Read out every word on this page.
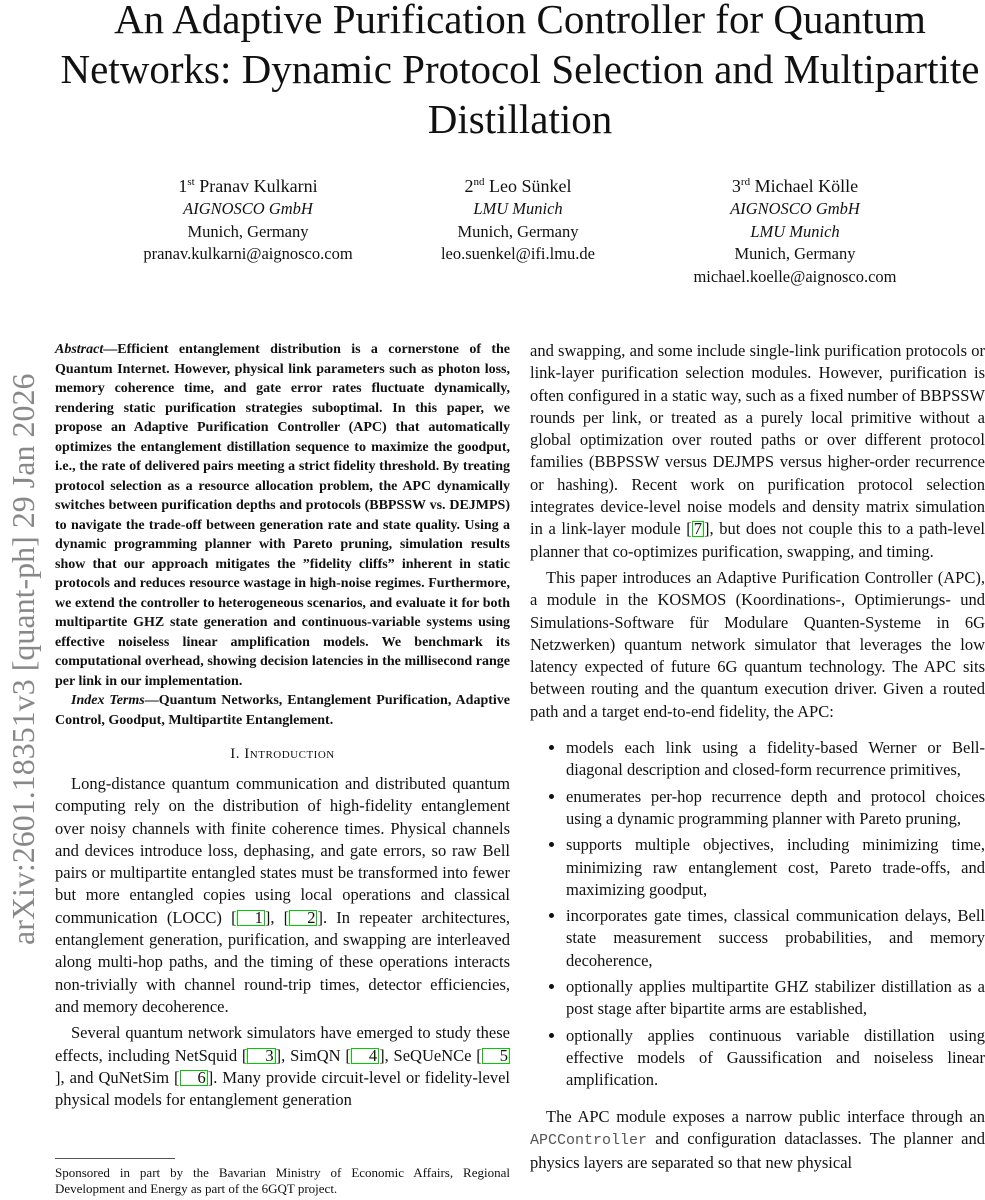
An Adaptive Purification Controller for Quantum Networks: Dynamic Protocol Selection and Multipartite Distillation
1st Pranav Kulkarni
AIGNOSCO GmbH
Munich, Germany
pranav.kulkarni@aignosco.com
2nd Leo Sünkel
LMU Munich
Munich, Germany
leo.suenkel@ifi.lmu.de
3rd Michael Kölle
AIGNOSCO GmbH
LMU Munich
Munich, Germany
michael.koelle@aignosco.com
arXiv:2601.18351v3 [quant-ph] 29 Jan 2026

Abstract—Efficient entanglement distribution is a cornerstone of the Quantum Internet. However, physical link parameters such as photon loss, memory coherence time, and gate error rates fluctuate dynamically, rendering static purification strategies suboptimal. In this paper, we propose an Adaptive Purification Controller (APC) that automatically optimizes the entanglement distillation sequence to maximize the goodput, i.e., the rate of delivered pairs meeting a strict fidelity threshold. By treating protocol selection as a resource allocation problem, the APC dynamically switches between purification depths and protocols (BBPSSW vs. DEJMPS) to navigate the trade-off between generation rate and state quality. Using a dynamic programming planner with Pareto pruning, simulation results show that our approach mitigates the ”fidelity cliffs” inherent in static protocols and reduces resource wastage in high-noise regimes. Furthermore, we extend the controller to heterogeneous scenarios, and evaluate it for both multipartite GHZ state generation and continuous-variable systems using effective noiseless linear amplification models. We benchmark its computational overhead, showing decision latencies in the millisecond range per link in our implementation.

Index Terms—Quantum Networks, Entanglement Purification, Adaptive Control, Goodput, Multipartite Entanglement.

I. Introduction

Long-distance quantum communication and distributed quantum computing rely on the distribution of high-fidelity entanglement over noisy channels with finite coherence times. Physical channels and devices introduce loss, dephasing, and gate errors, so raw Bell pairs or multipartite entangled states must be transformed into fewer but more entangled copies using local operations and classical communication (LOCC) [ 1 ], [ 2 ]. In repeater architectures, entanglement generation, purification, and swapping are interleaved along multi-hop paths, and the timing of these operations interacts non-trivially with channel round-trip times, detector efficiencies, and memory decoherence.

Several quantum network simulators have emerged to study these effects, including NetSquid [ 3 ], SimQN [ 4 ], SeQUeNCe [ 5], and QuNetSim [ 6 ]. Many provide circuit-level or fidelity-level physical models for entanglement generation

and swapping, and some include single-link purification protocols or link-layer purification selection modules. However, purification is often configured in a static way, such as a fixed number of BBPSSW rounds per link, or treated as a purely local primitive without a global optimization over routed paths or over different protocol families (BBPSSW versus DEJMPS versus higher-order recurrence or hashing). Recent work on purification protocol selection integrates device-level noise models and density matrix simulation in a link-layer module [ 7 ], but does not couple this to a path-level planner that co-optimizes purification, swapping, and timing.

This paper introduces an Adaptive Purification Controller (APC), a module in the KOSMOS (Koordinations-, Optimierungs- und Simulations-Software für Modulare Quanten-Systeme in 6G Netzwerken) quantum network simulator that leverages the low latency expected of future 6G quantum technology. The APC sits between routing and the quantum execution driver. Given a routed path and a target end-to-end fidelity, the APC:

• models each link using a fidelity-based Werner or Bell-diagonal description and closed-form recurrence primitives,
• enumerates per-hop recurrence depth and protocol choices using a dynamic programming planner with Pareto pruning,
• supports multiple objectives, including minimizing time, minimizing raw entanglement cost, Pareto trade-offs, and maximizing goodput,
• incorporates gate times, classical communication delays, Bell state measurement success probabilities, and memory decoherence,
• optionally applies multipartite GHZ stabilizer distillation as a post stage after bipartite arms are established,
• optionally applies continuous variable distillation using effective models of Gaussification and noiseless linear amplification.

The APC module exposes a narrow public interface through an APCController and configuration dataclasses. The planner and physics layers are separated so that new physical

Sponsored in part by the Bavarian Ministry of Economic Affairs, Regional Development and Energy as part of the 6GQT project.
